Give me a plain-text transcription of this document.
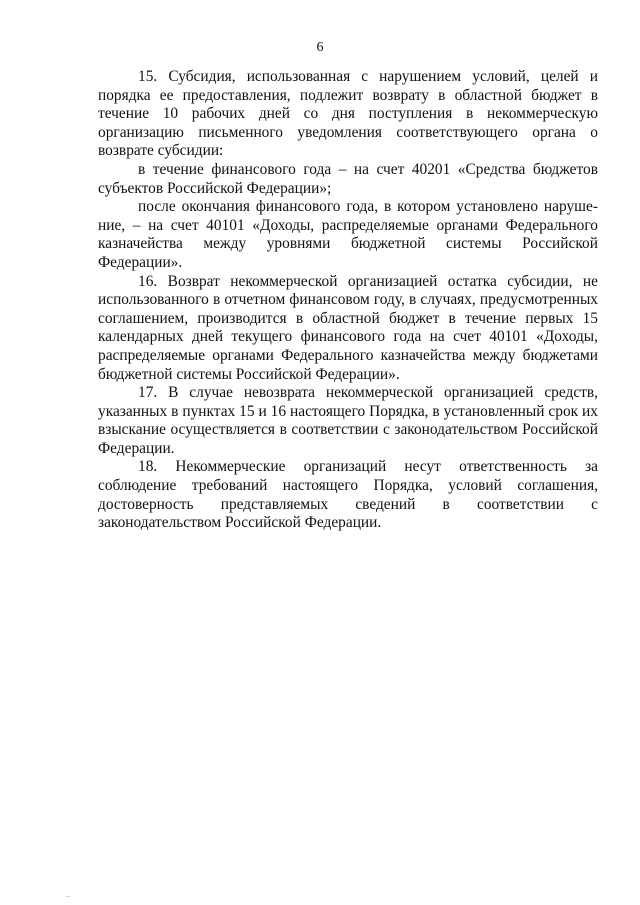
6

15. Субсидия, использованная с нарушением условий, целей и порядка ее предоставления, подлежит возврату в областной бюджет в течение 10 рабочих дней со дня поступления в некоммерческую организацию письменного уведомления соответствующего органа о возврате субсидии:

в течение финансового года – на счет 40201 «Средства бюджетов субъектов Российской Федерации»;

после окончания финансового года, в котором установлено нарушение, – на счет 40101 «Доходы, распределяемые органами Федерального казначейства между уровнями бюджетной системы Российской Федерации».

16. Возврат некоммерческой организацией остатка субсидии, не использованного в отчетном финансовом году, в случаях, предусмотренных соглашением, производится в областной бюджет в течение первых 15 календарных дней текущего финансового года на счет 40101 «Доходы, распределяемые органами Федерального казначейства между бюджетами бюджетной системы Российской Федерации».

17. В случае невозврата некоммерческой организацией средств, указанных в пунктах 15 и 16 настоящего Порядка, в установленный срок их взыскание осуществляется в соответствии с законодательством Российской Федерации.

18. Некоммерческие организаций несут ответственность за соблюдение требований настоящего Порядка, условий соглашения, достоверность представляемых сведений в соответствии с законодательством Российской Федерации.

··
